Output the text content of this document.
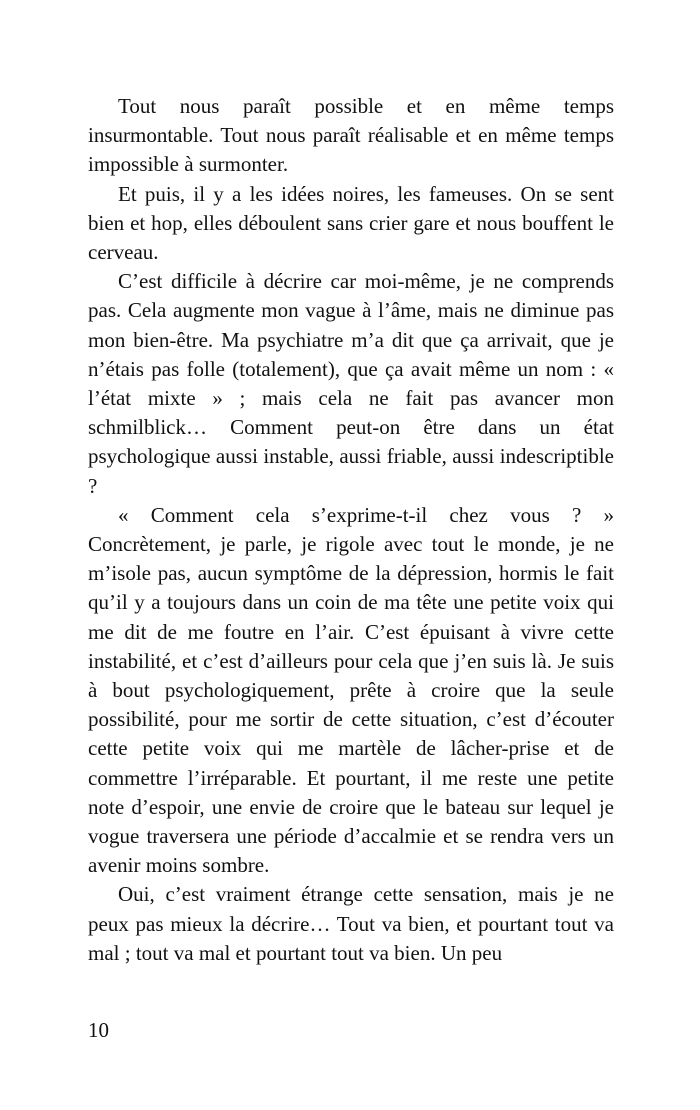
Tout nous paraît possible et en même temps insurmontable. Tout nous paraît réalisable et en même temps impossible à surmonter.

Et puis, il y a les idées noires, les fameuses. On se sent bien et hop, elles déboulent sans crier gare et nous bouffent le cerveau.

C’est difficile à décrire car moi-même, je ne comprends pas. Cela augmente mon vague à l’âme, mais ne diminue pas mon bien-être. Ma psychiatre m’a dit que ça arrivait, que je n’étais pas folle (totalement), que ça avait même un nom : « l’état mixte » ; mais cela ne fait pas avancer mon schmilblick… Comment peut-on être dans un état psychologique aussi instable, aussi friable, aussi indescriptible ?

« Comment cela s’exprime-t-il chez vous ? » Concrètement, je parle, je rigole avec tout le monde, je ne m’isole pas, aucun symptôme de la dépression, hormis le fait qu’il y a toujours dans un coin de ma tête une petite voix qui me dit de me foutre en l’air. C’est épuisant à vivre cette instabilité, et c’est d’ailleurs pour cela que j’en suis là. Je suis à bout psychologiquement, prête à croire que la seule possibilité, pour me sortir de cette situation, c’est d’écouter cette petite voix qui me martèle de lâcher-prise et de commettre l’irréparable. Et pourtant, il me reste une petite note d’espoir, une envie de croire que le bateau sur lequel je vogue traversera une période d’accalmie et se rendra vers un avenir moins sombre.

Oui, c’est vraiment étrange cette sensation, mais je ne peux pas mieux la décrire… Tout va bien, et pourtant tout va mal ; tout va mal et pourtant tout va bien. Un peu

10
